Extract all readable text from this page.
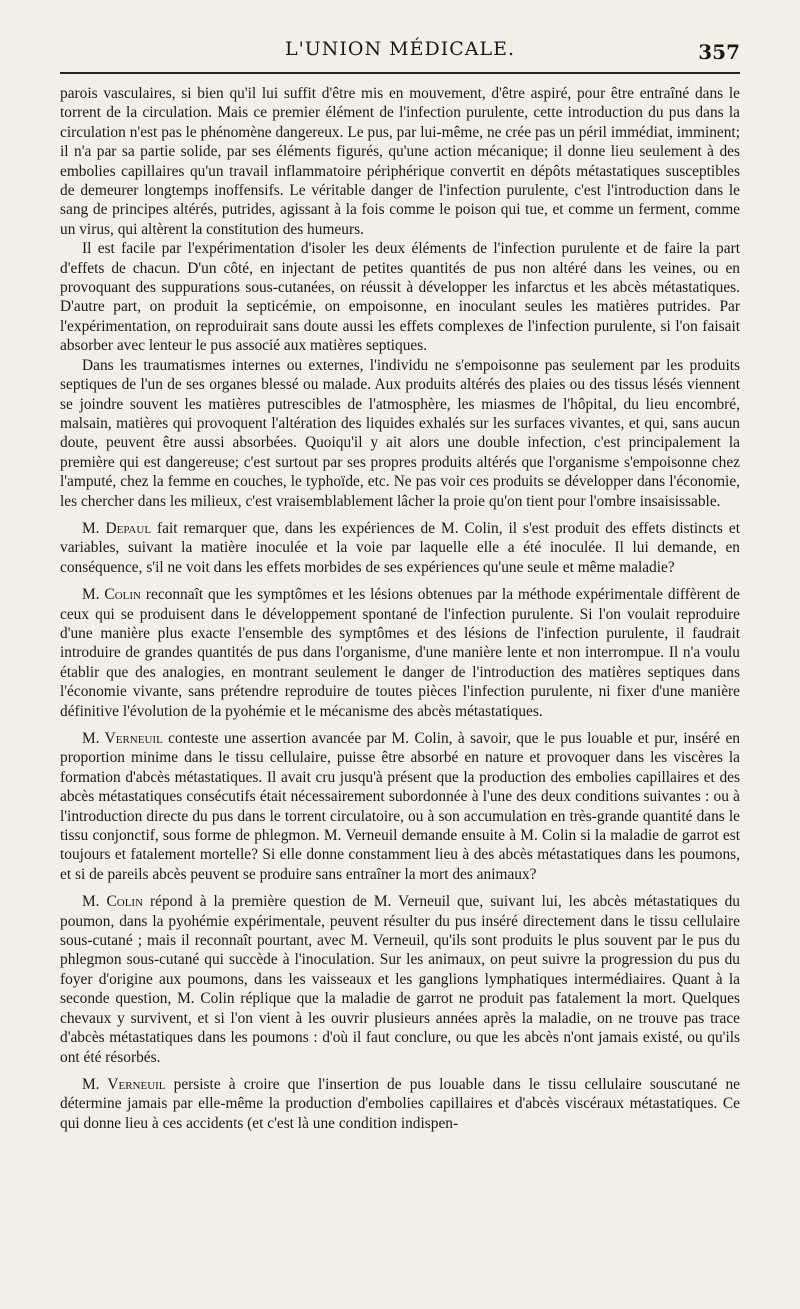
L'UNION MÉDICALE.	357

parois vasculaires, si bien qu'il lui suffit d'être mis en mouvement, d'être aspiré, pour être entraîné dans le torrent de la circulation. Mais ce premier élément de l'infection purulente, cette introduction du pus dans la circulation n'est pas le phénomène dangereux. Le pus, par lui-même, ne crée pas un péril immédiat, imminent; il n'a par sa partie solide, par ses éléments figurés, qu'une action mécanique; il donne lieu seulement à des embolies capillaires qu'un travail inflammatoire périphérique convertit en dépôts métastatiques susceptibles de demeurer longtemps inoffensifs. Le véritable danger de l'infection purulente, c'est l'introduction dans le sang de principes altérés, putrides, agissant à la fois comme le poison qui tue, et comme un ferment, comme un virus, qui altèrent la constitution des humeurs.

Il est facile par l'expérimentation d'isoler les deux éléments de l'infection purulente et de faire la part d'effets de chacun. D'un côté, en injectant de petites quantités de pus non altéré dans les veines, ou en provoquant des suppurations sous-cutanées, on réussit à développer les infarctus et les abcès métastatiques. D'autre part, on produit la septicémie, on empoisonne, en inoculant seules les matières putrides. Par l'expérimentation, on reproduirait sans doute aussi les effets complexes de l'infection purulente, si l'on faisait absorber avec lenteur le pus associé aux matières septiques.

Dans les traumatismes internes ou externes, l'individu ne s'empoisonne pas seulement par les produits septiques de l'un de ses organes blessé ou malade. Aux produits altérés des plaies ou des tissus lésés viennent se joindre souvent les matières putrescibles de l'atmosphère, les miasmes de l'hôpital, du lieu encombré, malsain, matières qui provoquent l'altération des liquides exhalés sur les surfaces vivantes, et qui, sans aucun doute, peuvent être aussi absorbées. Quoiqu'il y ait alors une double infection, c'est principalement la première qui est dangereuse; c'est surtout par ses propres produits altérés que l'organisme s'empoisonne chez l'amputé, chez la femme en couches, le typhoïde, etc. Ne pas voir ces produits se développer dans l'économie, les chercher dans les milieux, c'est vraisemblablement lâcher la proie qu'on tient pour l'ombre insaisissable.

M. Depaul fait remarquer que, dans les expériences de M. Colin, il s'est produit des effets distincts et variables, suivant la matière inoculée et la voie par laquelle elle a été inoculée. Il lui demande, en conséquence, s'il ne voit dans les effets morbides de ses expériences qu'une seule et même maladie?

M. Colin reconnaît que les symptômes et les lésions obtenues par la méthode expérimentale diffèrent de ceux qui se produisent dans le développement spontané de l'infection purulente. Si l'on voulait reproduire d'une manière plus exacte l'ensemble des symptômes et des lésions de l'infection purulente, il faudrait introduire de grandes quantités de pus dans l'organisme, d'une manière lente et non interrompue. Il n'a voulu établir que des analogies, en montrant seulement le danger de l'introduction des matières septiques dans l'économie vivante, sans prétendre reproduire de toutes pièces l'infection purulente, ni fixer d'une manière définitive l'évolution de la pyohémie et le mécanisme des abcès métastatiques.

M. Verneuil conteste une assertion avancée par M. Colin, à savoir, que le pus louable et pur, inséré en proportion minime dans le tissu cellulaire, puisse être absorbé en nature et provoquer dans les viscères la formation d'abcès métastatiques. Il avait cru jusqu'à présent que la production des embolies capillaires et des abcès métastatiques consécutifs était nécessairement subordonnée à l'une des deux conditions suivantes : ou à l'introduction directe du pus dans le torrent circulatoire, ou à son accumulation en très-grande quantité dans le tissu conjonctif, sous forme de phlegmon. M. Verneuil demande ensuite à M. Colin si la maladie de garrot est toujours et fatalement mortelle? Si elle donne constamment lieu à des abcès métastatiques dans les poumons, et si de pareils abcès peuvent se produire sans entraîner la mort des animaux?

M. Colin répond à la première question de M. Verneuil que, suivant lui, les abcès métastatiques du poumon, dans la pyohémie expérimentale, peuvent résulter du pus inséré directement dans le tissu cellulaire sous-cutané ; mais il reconnaît pourtant, avec M. Verneuil, qu'ils sont produits le plus souvent par le pus du phlegmon sous-cutané qui succède à l'inoculation. Sur les animaux, on peut suivre la progression du pus du foyer d'origine aux poumons, dans les vaisseaux et les ganglions lymphatiques intermédiaires. Quant à la seconde question, M. Colin réplique que la maladie de garrot ne produit pas fatalement la mort. Quelques chevaux y survivent, et si l'on vient à les ouvrir plusieurs années après la maladie, on ne trouve pas trace d'abcès métastatiques dans les poumons : d'où il faut conclure, ou que les abcès n'ont jamais existé, ou qu'ils ont été résorbés.

M. Verneuil persiste à croire que l'insertion de pus louable dans le tissu cellulaire souscutané ne détermine jamais par elle-même la production d'embolies capillaires et d'abcès viscéraux métastatiques. Ce qui donne lieu à ces accidents (et c'est là une condition indispen-
